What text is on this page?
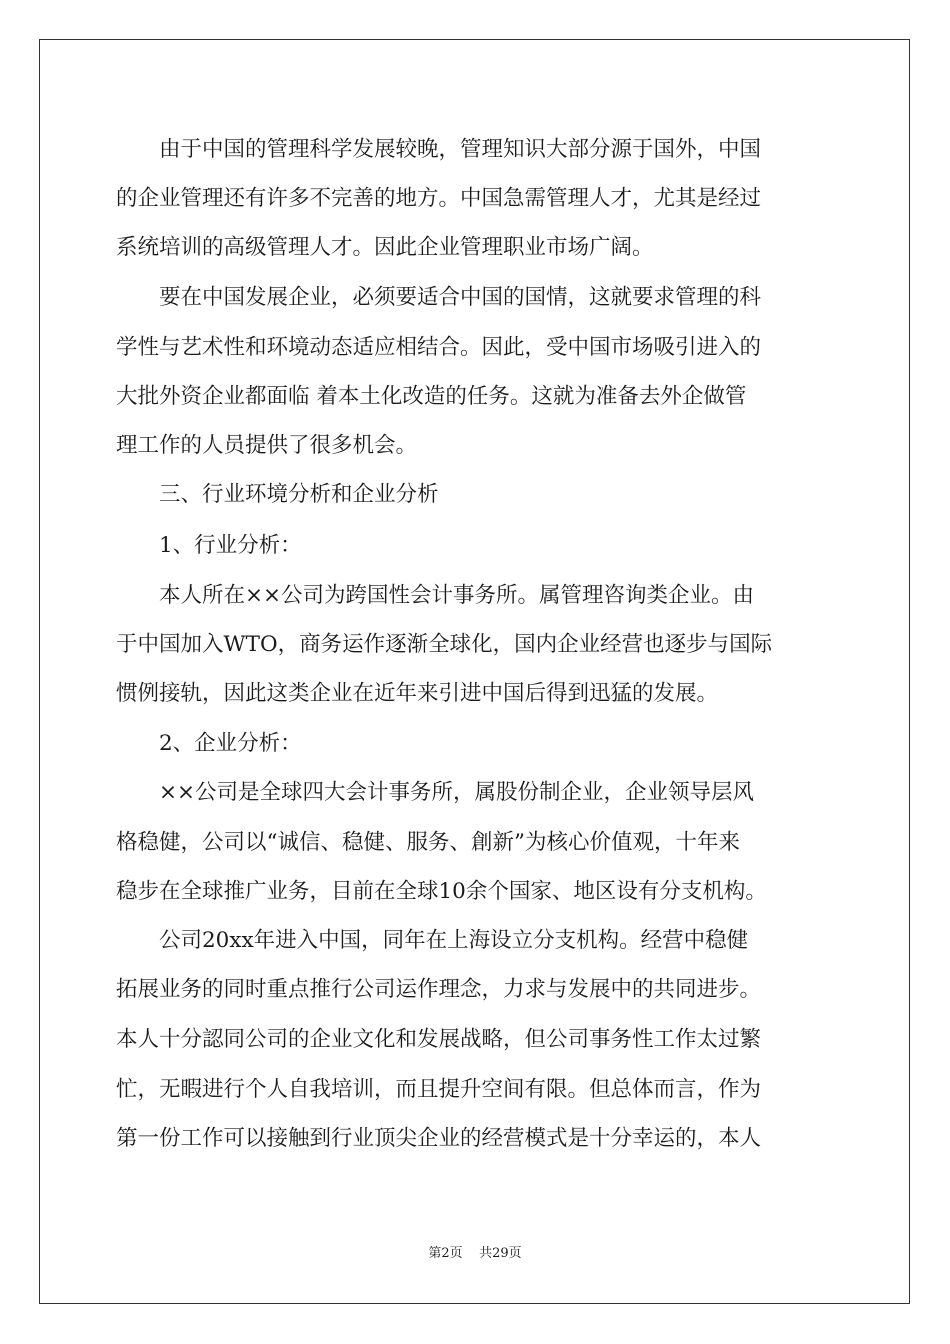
　　由于中国的管理科学发展较晚，管理知识大部分源于国外，中国
的企业管理还有许多不完善的地方。中国急需管理人才，尤其是经过
系统培训的高级管理人才。因此企业管理职业市场广阔。
　　要在中国发展企业，必须要适合中国的国情，这就要求管理的科
学性与艺术性和环境动态适应相结合。因此，受中国市场吸引进入的
大批外资企业都面临 着本土化改造的任务。这就为准备去外企做管
理工作的人员提供了很多机会。
　　三、行业环境分析和企业分析
　　1、行业分析：
　　本人所在××公司为跨国性会计事务所。属管理咨询类企业。由
于中国加入WTO，商务运作逐渐全球化，国内企业经营也逐步与国际
惯例接轨，因此这类企业在近年来引进中国后得到迅猛的发展。
　　2、企业分析：
　　××公司是全球四大会计事务所，属股份制企业，企业领导层风
格稳健，公司以“诚信、稳健、服务、創新”为核心价值观，十年来
稳步在全球推广业务，目前在全球10余个国家、地区设有分支机构。
　　公司20xx年进入中国，同年在上海设立分支机构。经营中稳健
拓展业务的同时重点推行公司运作理念，力求与发展中的共同进步。
本人十分認同公司的企业文化和发展战略，但公司事务性工作太过繁
忙，无暇进行个人自我培训，而且提升空间有限。但总体而言，作为
第一份工作可以接触到行业顶尖企业的经营模式是十分幸运的，本人
第2页 共29页
